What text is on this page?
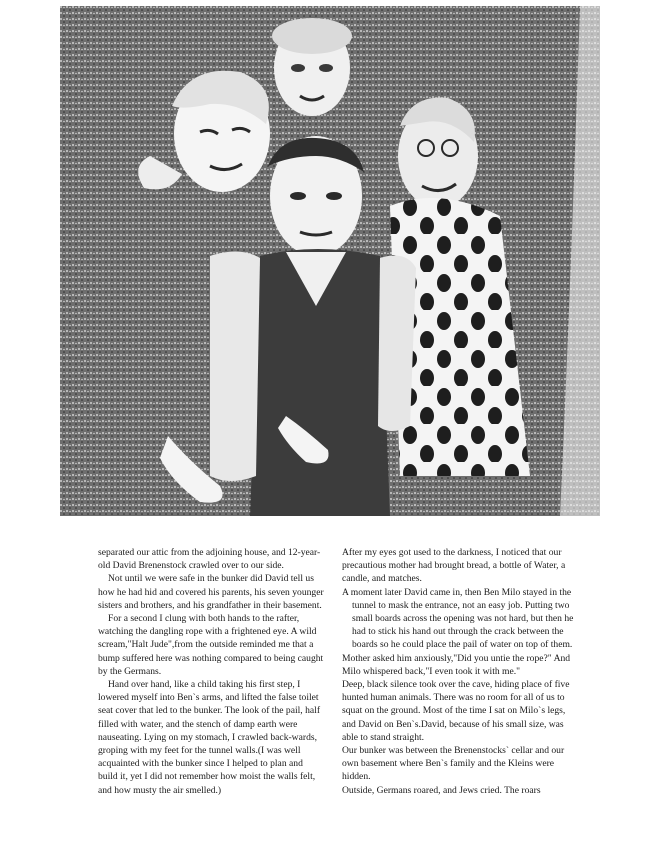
separated our attic from the adjoining house, and 12-year-old David Brenenstock crawled over to our side.

Not until we were safe in the bunker did David tell us how he had hid and covered his parents, his seven younger sisters and brothers, and his grandfather in their basement.

For a second I clung with both hands to the rafter, watching the dangling rope with a frightened eye. A wild scream,"Halt Jude",from the outside reminded me that a bump suffered here was nothing compared to being caught by the Germans.

Hand over hand, like a child taking his first step, I lowered myself into Ben`s arms, and lifted the false toilet seat cover that led to the bunker. The look of the pail, half filled with water, and the stench of damp earth were nauseating. Lying on my stomach, I crawled back-wards, groping with my feet for the tunnel walls.(I was well acquainted with the bunker since I helped to plan and build it, yet I did not remember how moist the walls felt, and how musty the air smelled.)

After my eyes got used to the darkness, I noticed that our precautious mother had brought bread, a bottle of Water, a candle, and matches.

A moment later David came in, then Ben Milo stayed in the tunnel to mask the entrance, not an easy job. Putting two small boards across the opening was not hard, but then he had to stick his hand out through the crack between the boards so he could place the pail of water on top of them.

Mother asked him anxiously,"Did you untie the rope?" And Milo whispered back,"I even took it with me."

Deep, black silence took over the cave, hiding place of five hunted human animals. There was no room for all of us to squat on the ground. Most of the time I sat on Milo`s legs, and David on Ben`s.David, because of his small size, was able to stand straight.

Our bunker was between the Brenenstocks` cellar and our own basement where Ben`s family and the Kleins were hidden.

Outside, Germans roared, and Jews cried. The roars
